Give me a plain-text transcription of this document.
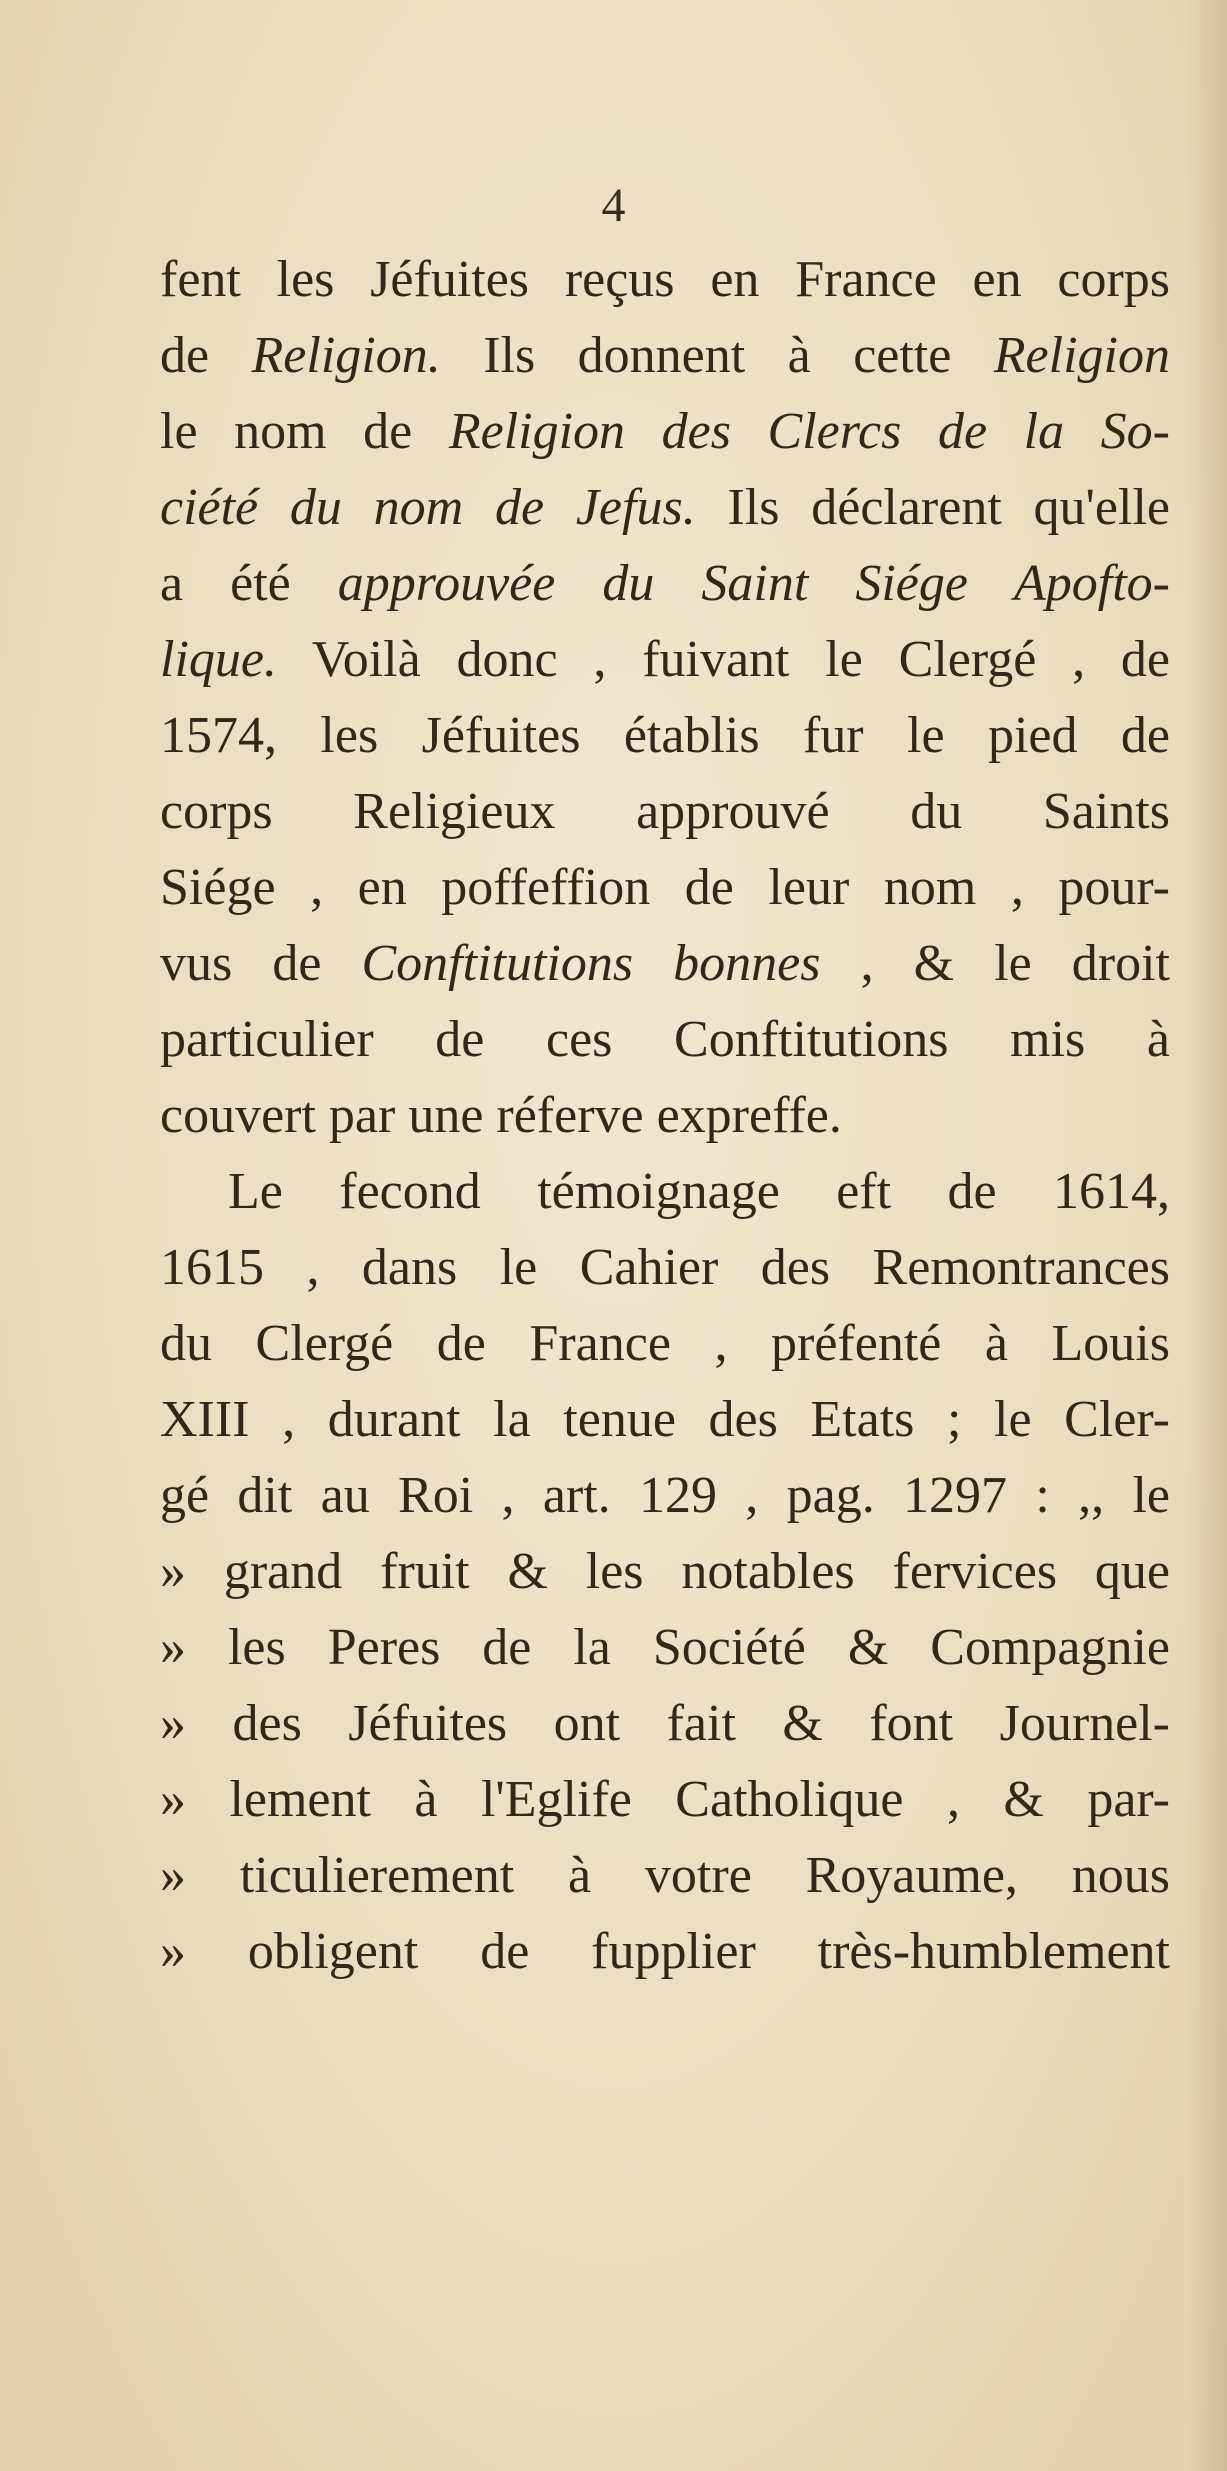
4
fent les Jéfuites reçus en France en corps
de Religion. Ils donnent à cette Religion
le nom de Religion des Clercs de la So-
ciété du nom de Jefus. Ils déclarent qu'elle
a été approuvée du Saint Siége Apofto-
lique. Voilà donc , fuivant le Clergé , de
1574, les Jéfuites établis fur le pied de
corps Religieux approuvé du Saints
Siége , en poffeffion de leur nom , pour-
vus de Conftitutions bonnes , & le droit
particulier de ces Conftitutions mis à
couvert par une réferve expreffe.
Le fecond témoignage eft de 1614,
1615 , dans le Cahier des Remontrances
du Clergé de France , préfenté à Louis
XIII , durant la tenue des Etats ; le Cler-
gé dit au Roi , art. 129 , pag. 1297 : ,, le
» grand fruit & les notables fervices que
» les Peres de la Société & Compagnie
» des Jéfuites ont fait & font Journel-
» lement à l'Eglife Catholique , & par-
» ticulierement à votre Royaume, nous
» obligent de fupplier très-humblement
